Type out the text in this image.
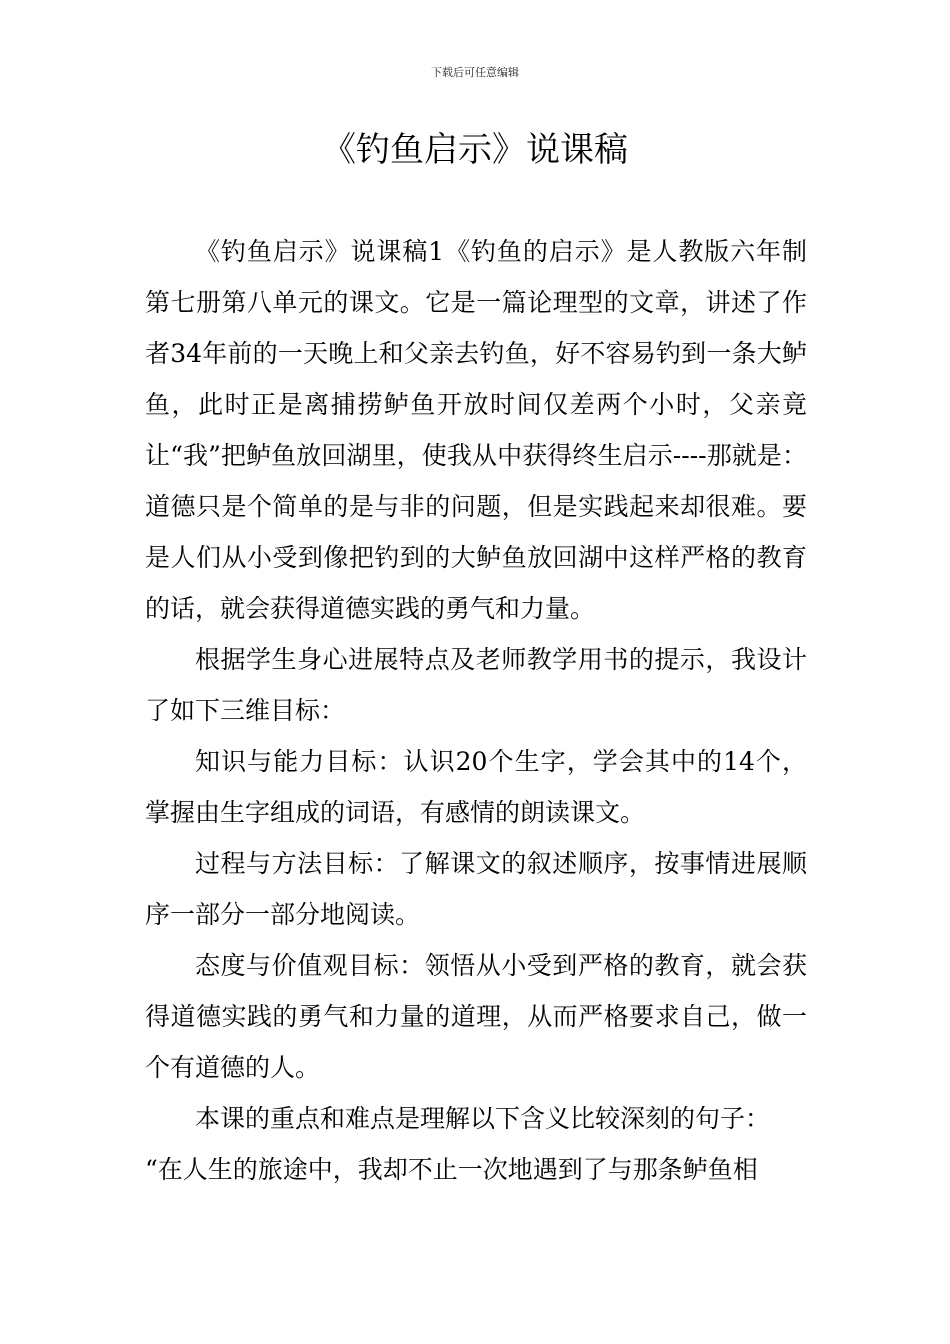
下载后可任意编辑
《钓鱼启示》说课稿

《钓鱼启示》说课稿1《钓鱼的启示》是人教版六年制第七册第八单元的课文。它是一篇论理型的文章，讲述了作者34年前的一天晚上和父亲去钓鱼，好不容易钓到一条大鲈鱼，此时正是离捕捞鲈鱼开放时间仅差两个小时，父亲竟让“我”把鲈鱼放回湖里，使我从中获得终生启示----那就是：道德只是个简单的是与非的问题，但是实践起来却很难。要是人们从小受到像把钓到的大鲈鱼放回湖中这样严格的教育的话，就会获得道德实践的勇气和力量。

根据学生身心进展特点及老师教学用书的提示，我设计了如下三维目标：

知识与能力目标：认识20个生字，学会其中的14个，掌握由生字组成的词语，有感情的朗读课文。

过程与方法目标：了解课文的叙述顺序，按事情进展顺序一部分一部分地阅读。

态度与价值观目标：领悟从小受到严格的教育，就会获得道德实践的勇气和力量的道理，从而严格要求自己，做一个有道德的人。

本课的重点和难点是理解以下含义比较深刻的句子：

“在人生的旅途中，我却不止一次地遇到了与那条鲈鱼相
